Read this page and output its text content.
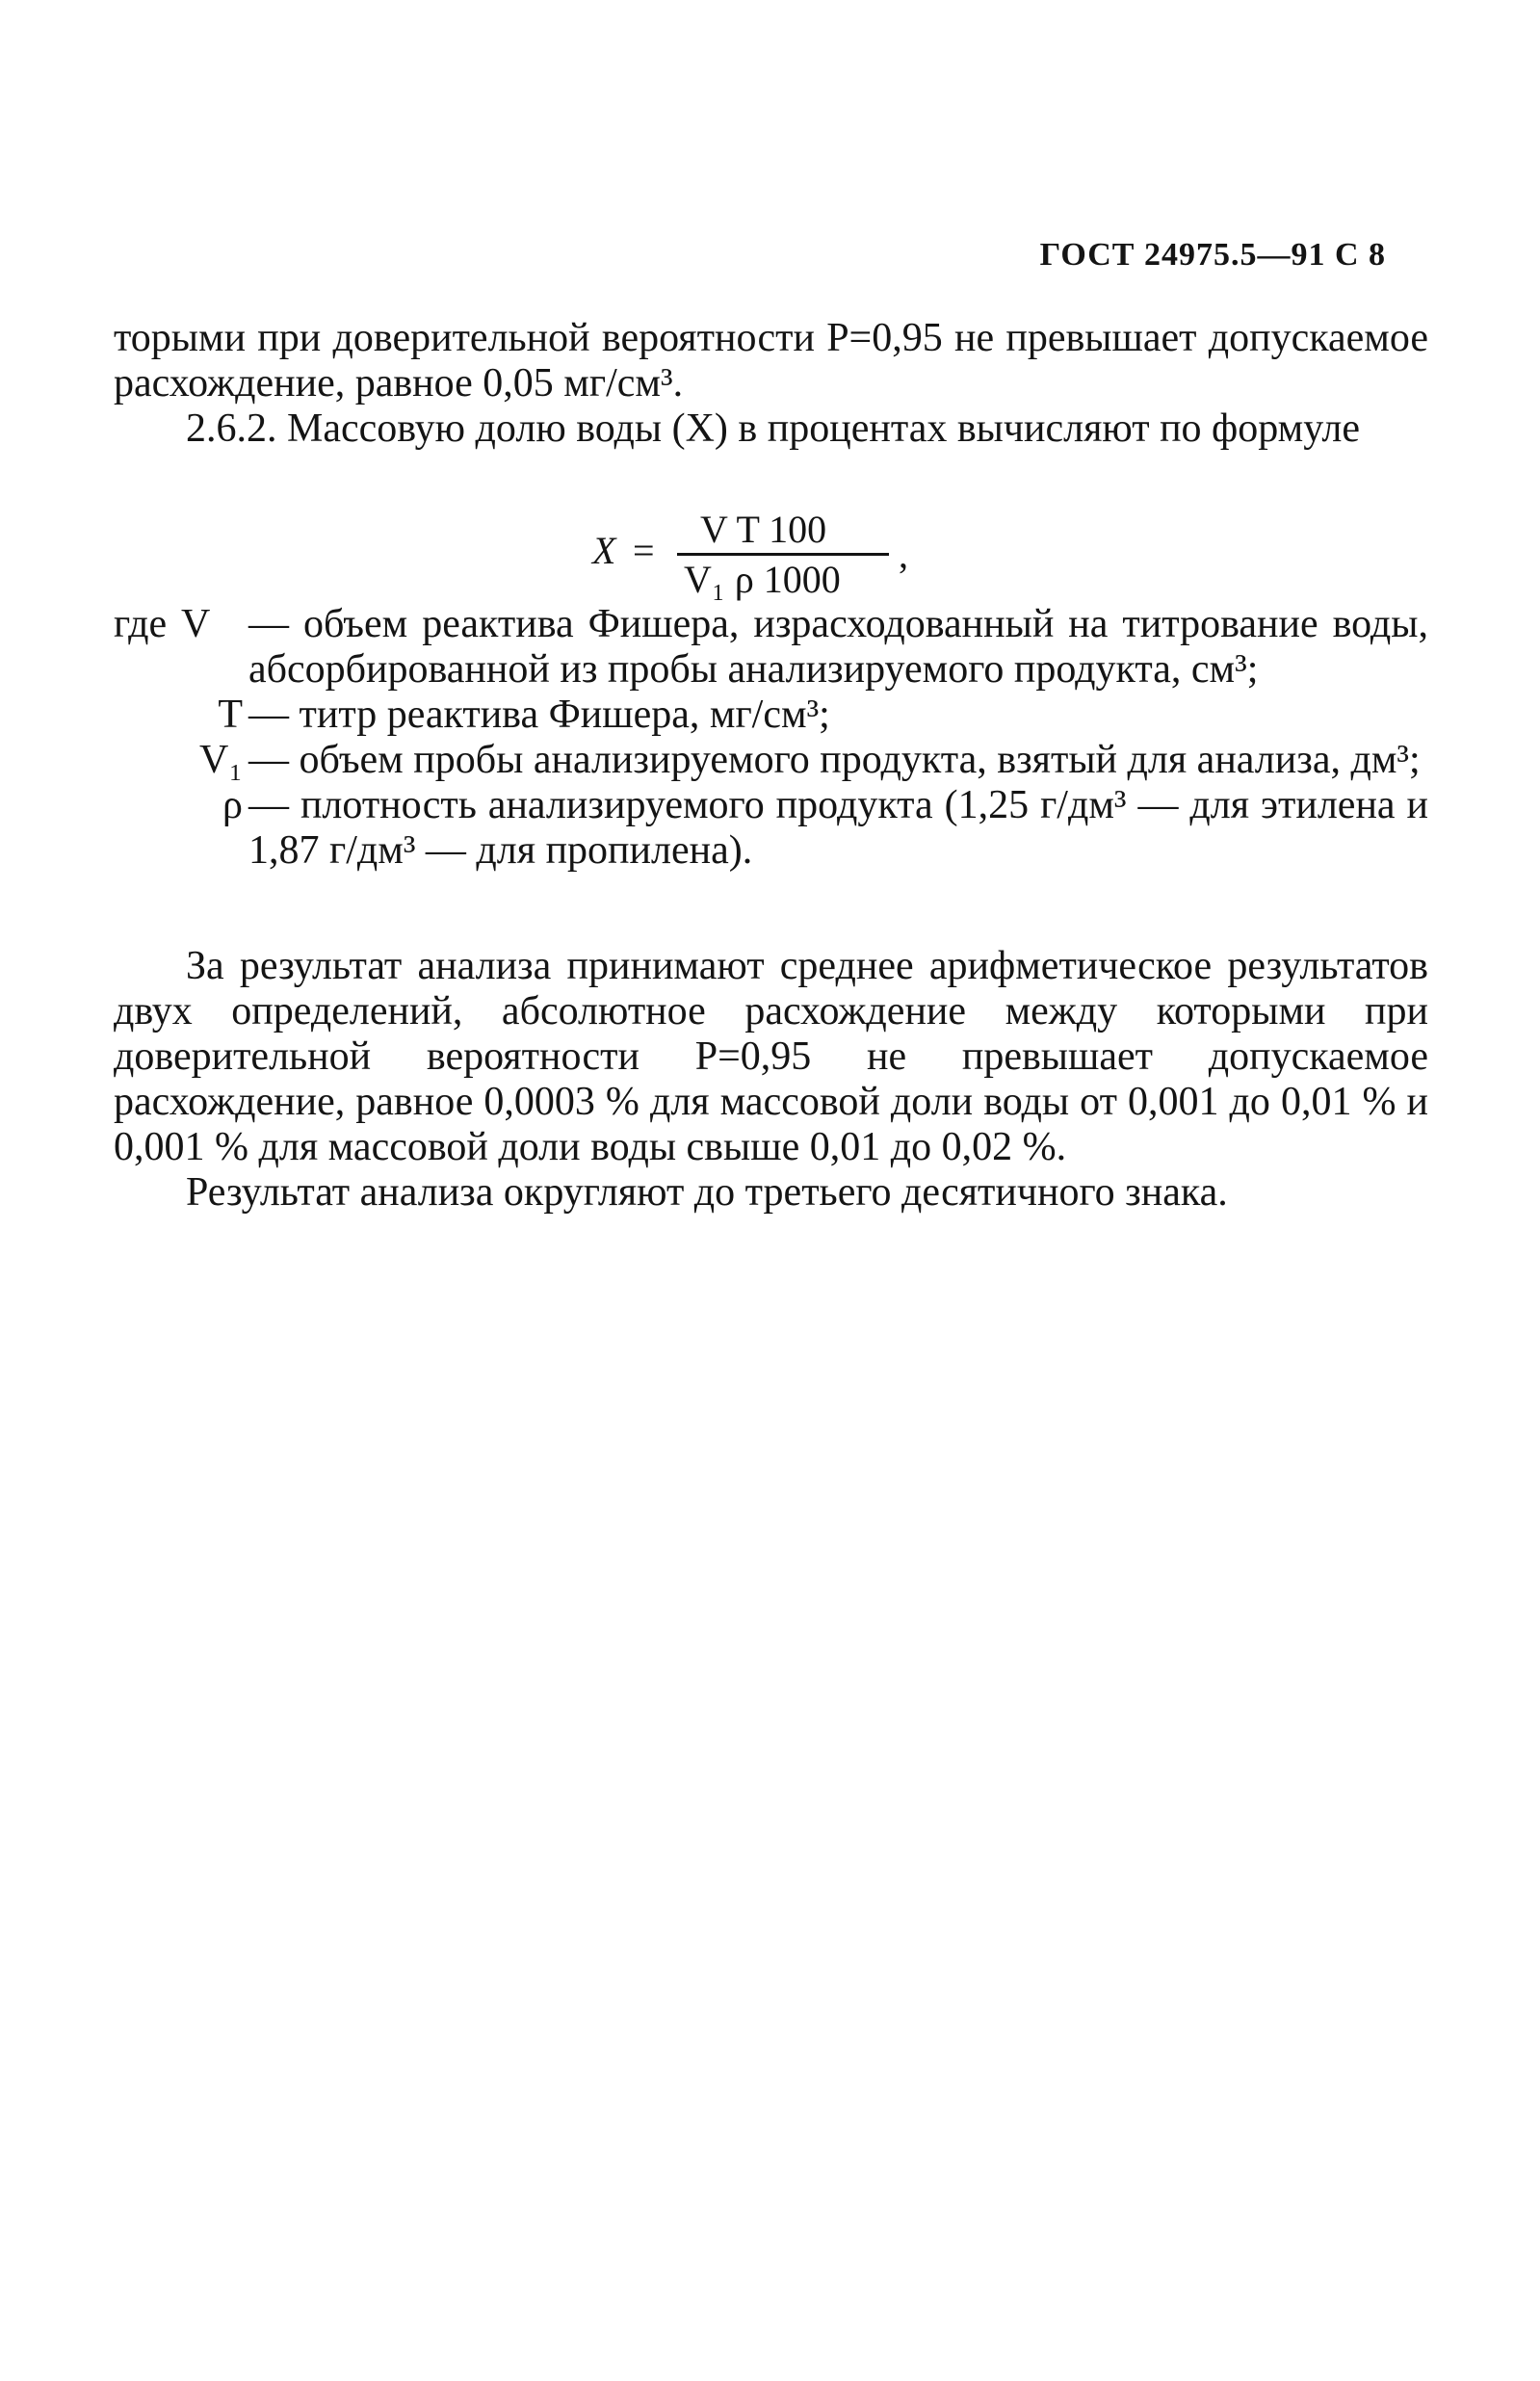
ГОСТ 24975.5—91 С 8

торыми при доверительной вероятности P=0,95 не превышает допускаемое расхождение, равное 0,05 мг/см³.

2.6.2. Массовую долю воды (X) в процентах вычисляют по формуле

X = V T 100
V₁ ρ 1000
,
где V — объем реактива Фишера, израсходованный на титрование воды, абсорбированной из пробы анализируемого продукта, см³;
T — титр реактива Фишера, мг/см³;
V₁ — объем пробы анализируемого продукта, взятый для анализа, дм³;
ρ — плотность анализируемого продукта (1,25 г/дм³ — для этилена и 1,87 г/дм³ — для пропилена).

За результат анализа принимают среднее арифметическое результатов двух определений, абсолютное расхождение между которыми при доверительной вероятности P=0,95 не превышает допускаемое расхождение, равное 0,0003 % для массовой доли воды от 0,001 до 0,01 % и 0,001 % для массовой доли воды свыше 0,01 до 0,02 %.

Результат анализа округляют до третьего десятичного знака.
